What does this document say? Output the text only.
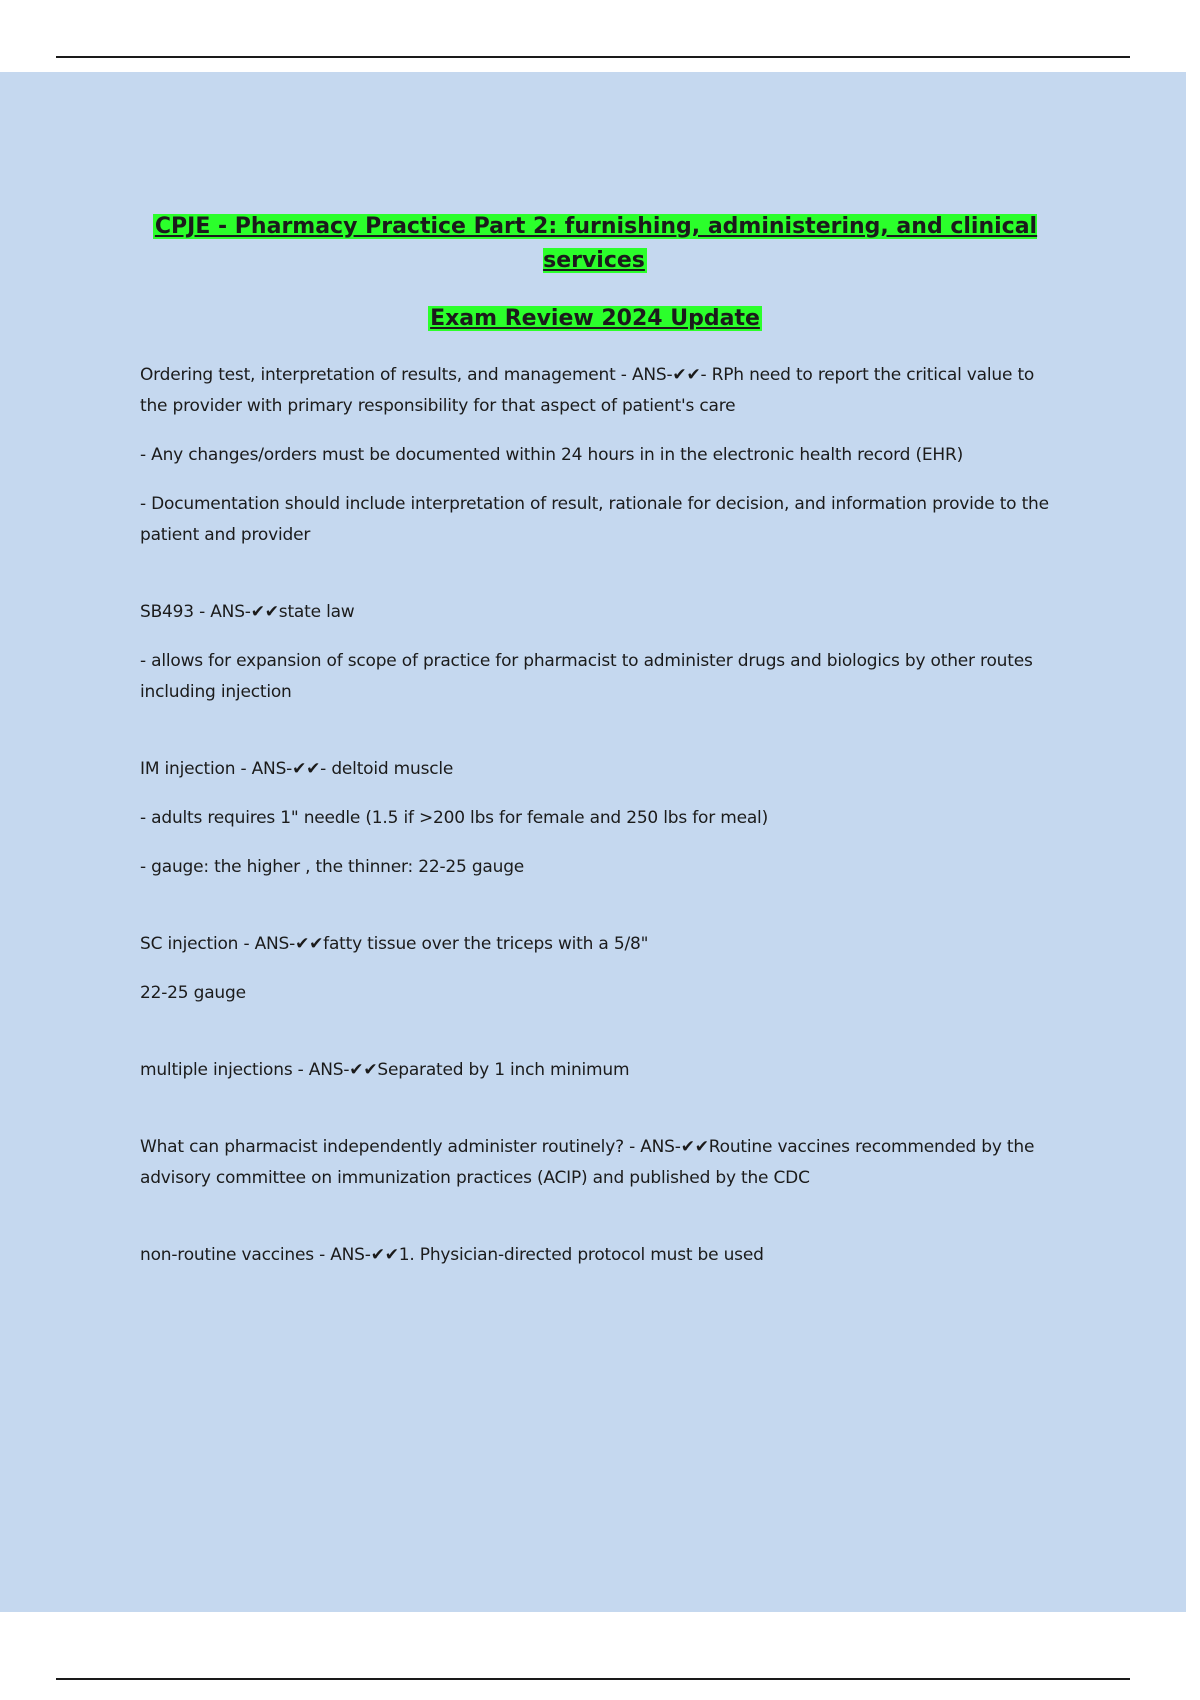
CPJE - Pharmacy Practice Part 2: furnishing, administering, and clinical services

Exam Review 2024 Update

Ordering test, interpretation of results, and management - ANS-✔✔- RPh need to report the critical value to the provider with primary responsibility for that aspect of patient's care

- Any changes/orders must be documented within 24 hours in in the electronic health record (EHR)

- Documentation should include interpretation of result, rationale for decision, and information provide to the patient and provider

SB493 - ANS-✔✔state law

- allows for expansion of scope of practice for pharmacist to administer drugs and biologics by other routes including injection

IM injection - ANS-✔✔- deltoid muscle

- adults requires 1" needle (1.5 if >200 lbs for female and 250 lbs for meal)

- gauge: the higher , the thinner: 22-25 gauge

SC injection - ANS-✔✔fatty tissue over the triceps with a 5/8"

22-25 gauge

multiple injections - ANS-✔✔Separated by 1 inch minimum

What can pharmacist independently administer routinely? - ANS-✔✔Routine vaccines recommended by the advisory committee on immunization practices (ACIP) and published by the CDC

non-routine vaccines - ANS-✔✔1. Physician-directed protocol must be used
